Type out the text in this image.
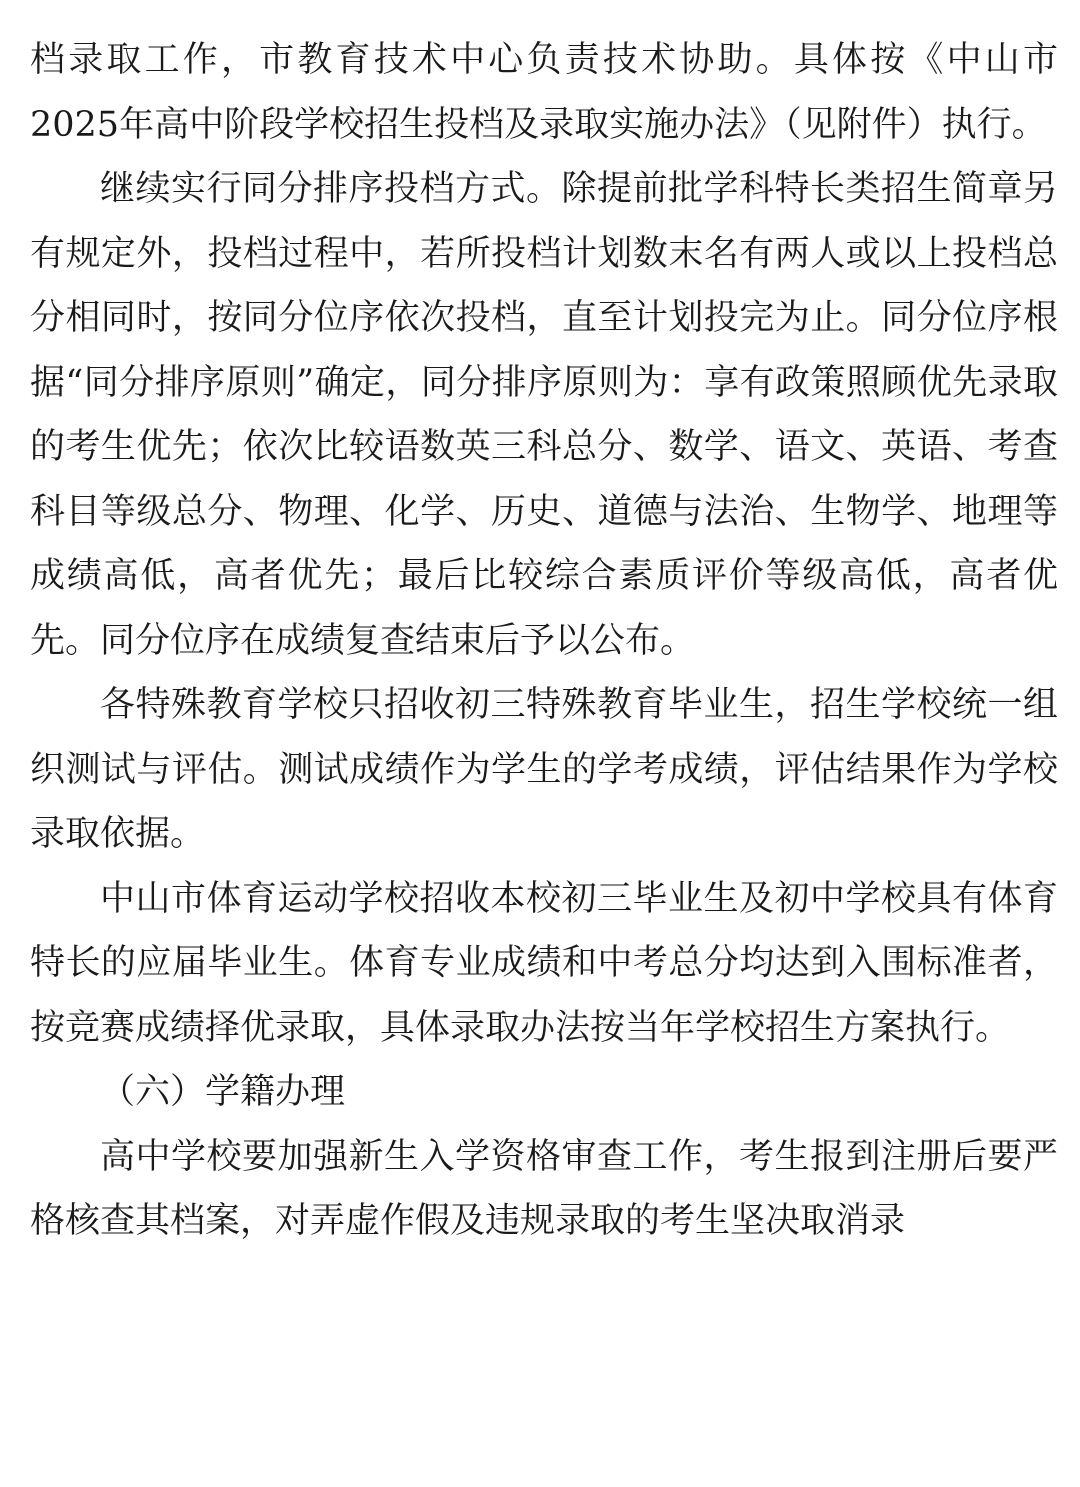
档录取工作，市教育技术中心负责技术协助。具体按《中山市2025年高中阶段学校招生投档及录取实施办法》（见附件）执行。

继续实行同分排序投档方式。除提前批学科特长类招生简章另有规定外，投档过程中，若所投档计划数末名有两人或以上投档总分相同时，按同分位序依次投档，直至计划投完为止。同分位序根据“同分排序原则”确定，同分排序原则为：享有政策照顾优先录取的考生优先；依次比较语数英三科总分、数学、语文、英语、考查科目等级总分、物理、化学、历史、道德与法治、生物学、地理等成绩高低，高者优先；最后比较综合素质评价等级高低，高者优先。同分位序在成绩复查结束后予以公布。

各特殊教育学校只招收初三特殊教育毕业生，招生学校统一组织测试与评估。测试成绩作为学生的学考成绩，评估结果作为学校录取依据。

中山市体育运动学校招收本校初三毕业生及初中学校具有体育特长的应届毕业生。体育专业成绩和中考总分均达到入围标准者，按竞赛成绩择优录取，具体录取办法按当年学校招生方案执行。

（六）学籍办理

高中学校要加强新生入学资格审查工作，考生报到注册后要严格核查其档案，对弄虚作假及违规录取的考生坚决取消录
